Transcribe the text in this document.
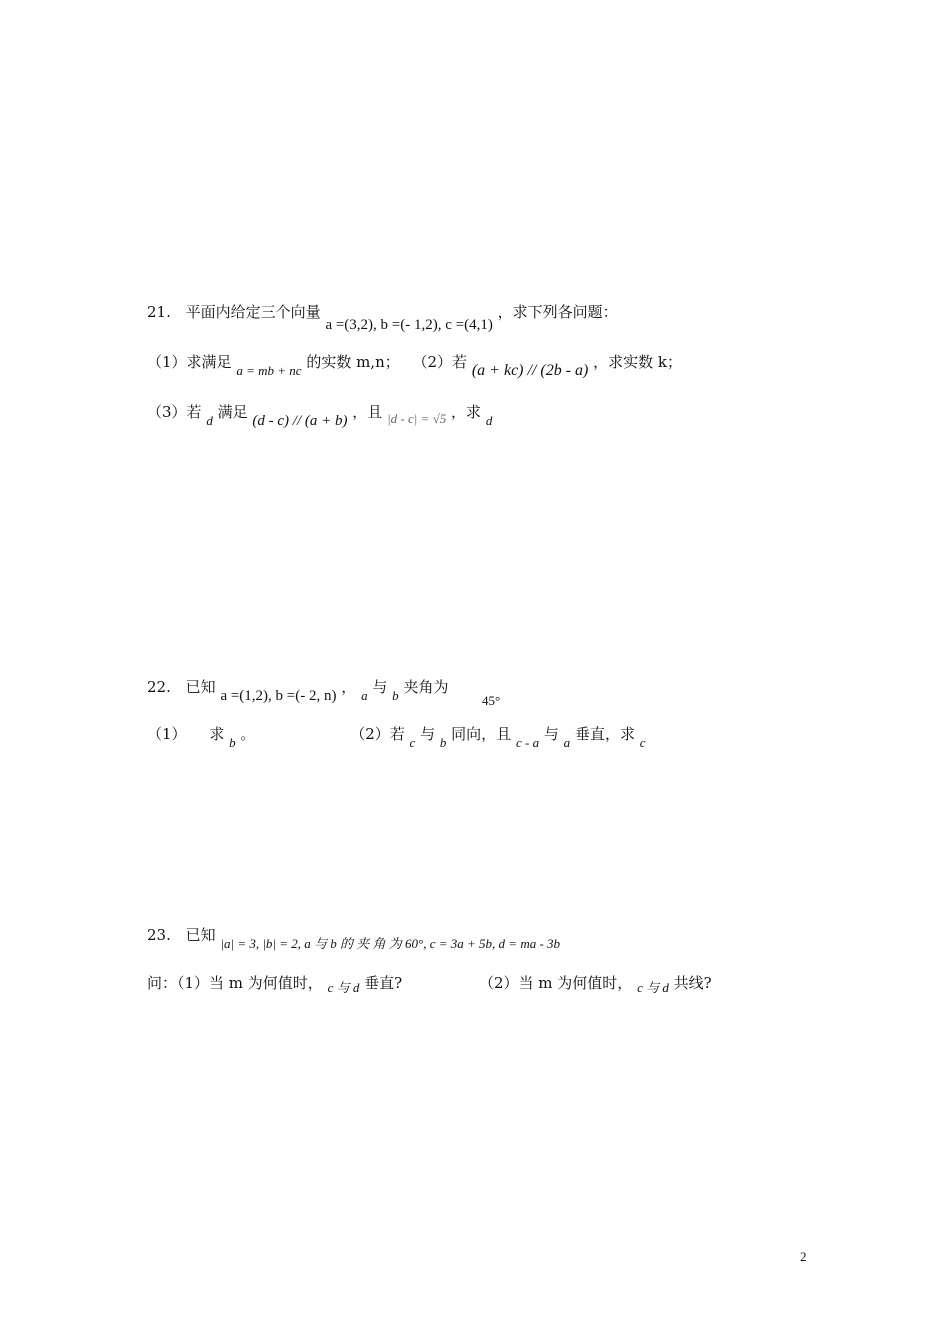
21. 平面内给定三个向量 a =(3,2), b =(- 1,2), c =(4,1) ，求下列各问题：
（1）求满足 a = mb + nc 的实数 m,n； （2）若 (a + kc) // (2b - a) ，求实数 k；
（3）若 d 满足 (d - c) // (a + b) ，且 |d - c| = √5 ，求 d
22. 已知 a =(1,2), b =(- 2, n) ， a 与 b 夹角为
45°
（1） 求 b 。	（2）若 c 与 b 同向，且 c - a 与 a 垂直，求 c
23. 已知 |a| = 3, |b| = 2, a 与 b 的 夹 角 为 60°, c = 3a + 5b, d = ma - 3b
问：（1）当 m 为何值时， c 与 d 垂直?	（2）当 m 为何值时， c 与 d 共线?
2
